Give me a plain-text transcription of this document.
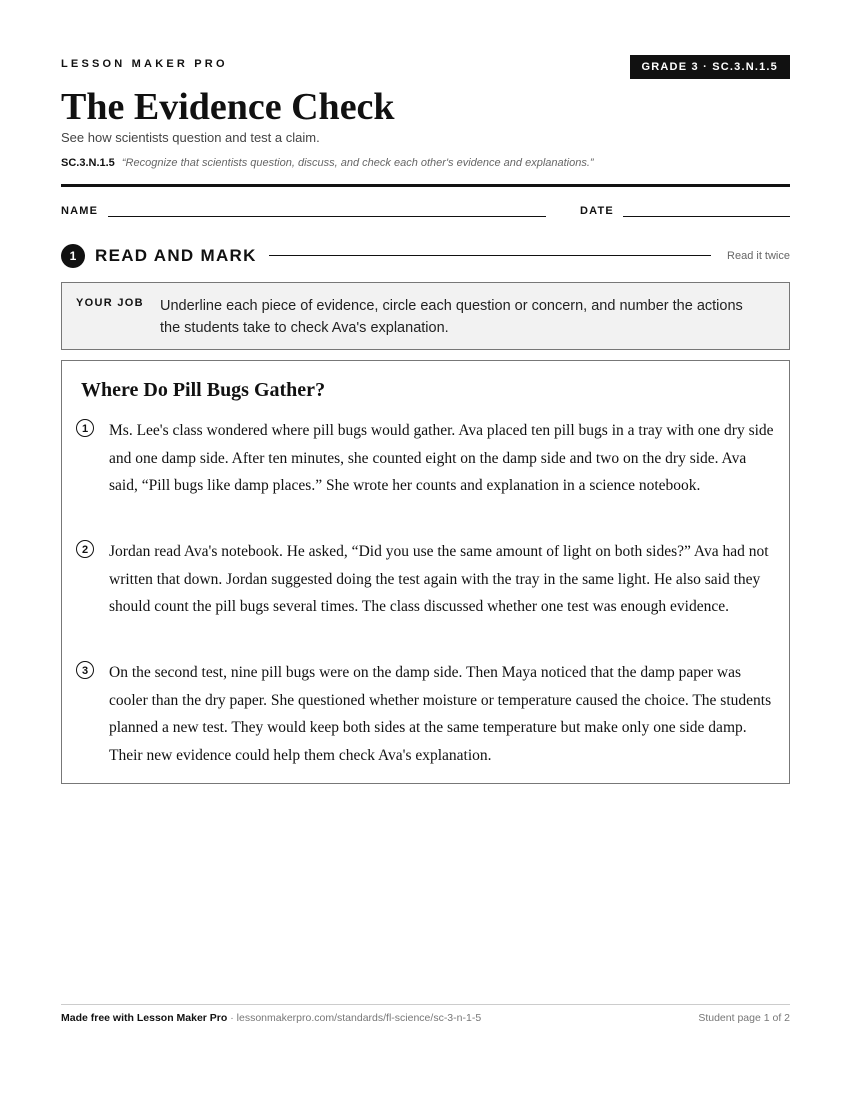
LESSON MAKER PRO	GRADE 3 · SC.3.N.1.5
The Evidence Check
See how scientists question and test a claim.
SC.3.N.1.5 “Recognize that scientists question, discuss, and check each other's evidence and explanations.”
NAME	DATE
1	READ AND MARK	Read it twice
YOUR JOB Underline each piece of evidence, circle each question or concern, and number the actions the students take to check Ava's explanation.
Where Do Pill Bugs Gather?
1	Ms. Lee's class wondered where pill bugs would gather. Ava placed ten pill bugs in a tray with one dry side and one damp side. After ten minutes, she counted eight on the damp side and two on the dry side. Ava said, “Pill bugs like damp places.” She wrote her counts and explanation in a science notebook.

2	Jordan read Ava's notebook. He asked, “Did you use the same amount of light on both sides?” Ava had not written that down. Jordan suggested doing the test again with the tray in the same light. He also said they should count the pill bugs several times. The class discussed whether one test was enough evidence.

3	On the second test, nine pill bugs were on the damp side. Then Maya noticed that the damp paper was cooler than the dry paper. She questioned whether moisture or temperature caused the choice. The students planned a new test. They would keep both sides at the same temperature but make only one side damp. Their new evidence could help them check Ava's explanation.

Made free with Lesson Maker Pro · lessonmakerpro.com/standards/fl-science/sc-3-n-1-5	Student page 1 of 2
